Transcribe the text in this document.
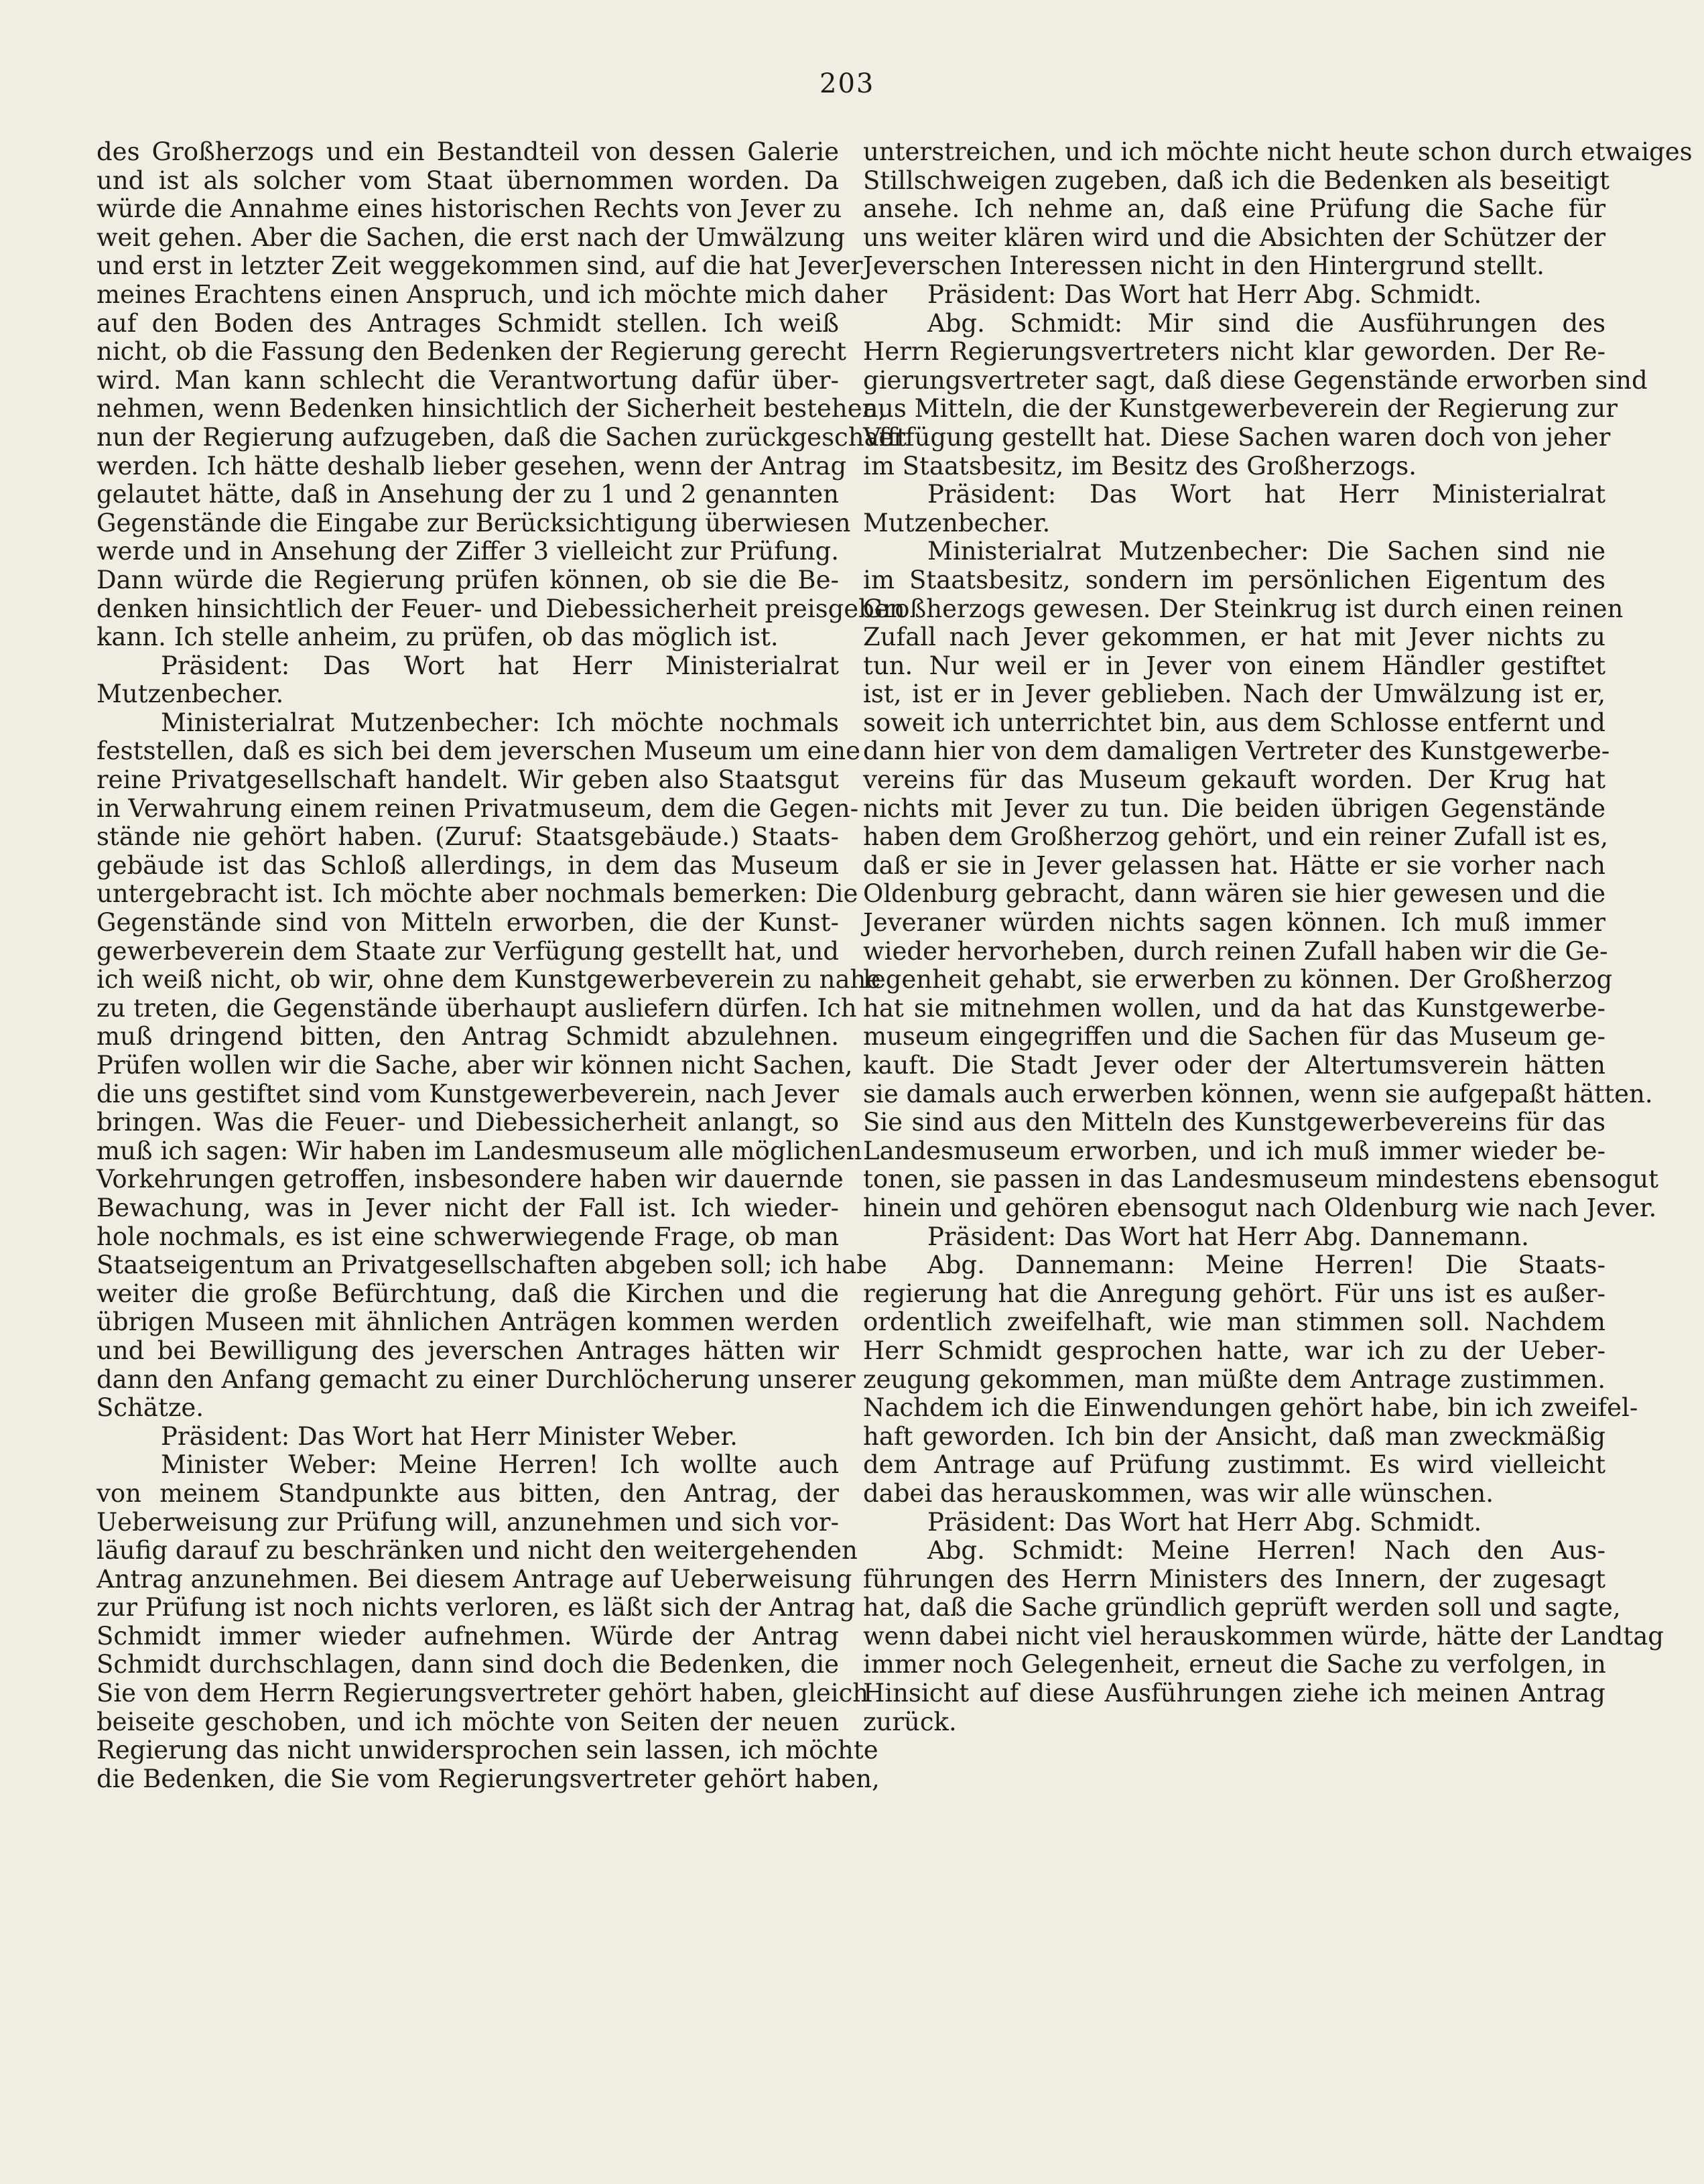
203
des Großherzogs und ein Bestandteil von dessen Galerie
und ist als solcher vom Staat übernommen worden. Da
würde die Annahme eines historischen Rechts von Jever zu
weit gehen. Aber die Sachen, die erst nach der Umwälzung
und erst in letzter Zeit weggekommen sind, auf die hat Jever
meines Erachtens einen Anspruch, und ich möchte mich daher
auf den Boden des Antrages Schmidt stellen. Ich weiß
nicht, ob die Fassung den Bedenken der Regierung gerecht
wird. Man kann schlecht die Verantwortung dafür über-
nehmen, wenn Bedenken hinsichtlich der Sicherheit bestehen,
nun der Regierung aufzugeben, daß die Sachen zurückgeschafft
werden. Ich hätte deshalb lieber gesehen, wenn der Antrag
gelautet hätte, daß in Ansehung der zu 1 und 2 genannten
Gegenstände die Eingabe zur Berücksichtigung überwiesen
werde und in Ansehung der Ziffer 3 vielleicht zur Prüfung.
Dann würde die Regierung prüfen können, ob sie die Be-
denken hinsichtlich der Feuer- und Diebessicherheit preisgeben
kann. Ich stelle anheim, zu prüfen, ob das möglich ist.
Präsident: Das Wort hat Herr Ministerialrat
Mutzenbecher.
Ministerialrat Mutzenbecher: Ich möchte nochmals
feststellen, daß es sich bei dem jeverschen Museum um eine
reine Privatgesellschaft handelt. Wir geben also Staatsgut
in Verwahrung einem reinen Privatmuseum, dem die Gegen-
stände nie gehört haben. (Zuruf: Staatsgebäude.) Staats-
gebäude ist das Schloß allerdings, in dem das Museum
untergebracht ist. Ich möchte aber nochmals bemerken: Die
Gegenstände sind von Mitteln erworben, die der Kunst-
gewerbeverein dem Staate zur Verfügung gestellt hat, und
ich weiß nicht, ob wir, ohne dem Kunstgewerbeverein zu nahe
zu treten, die Gegenstände überhaupt ausliefern dürfen. Ich
muß dringend bitten, den Antrag Schmidt abzulehnen.
Prüfen wollen wir die Sache, aber wir können nicht Sachen,
die uns gestiftet sind vom Kunstgewerbeverein, nach Jever
bringen. Was die Feuer- und Diebessicherheit anlangt, so
muß ich sagen: Wir haben im Landesmuseum alle möglichen
Vorkehrungen getroffen, insbesondere haben wir dauernde
Bewachung, was in Jever nicht der Fall ist. Ich wieder-
hole nochmals, es ist eine schwerwiegende Frage, ob man
Staatseigentum an Privatgesellschaften abgeben soll; ich habe
weiter die große Befürchtung, daß die Kirchen und die
übrigen Museen mit ähnlichen Anträgen kommen werden
und bei Bewilligung des jeverschen Antrages hätten wir
dann den Anfang gemacht zu einer Durchlöcherung unserer
Schätze.
Präsident: Das Wort hat Herr Minister Weber.
Minister Weber: Meine Herren! Ich wollte auch
von meinem Standpunkte aus bitten, den Antrag, der
Ueberweisung zur Prüfung will, anzunehmen und sich vor-
läufig darauf zu beschränken und nicht den weitergehenden
Antrag anzunehmen. Bei diesem Antrage auf Ueberweisung
zur Prüfung ist noch nichts verloren, es läßt sich der Antrag
Schmidt immer wieder aufnehmen. Würde der Antrag
Schmidt durchschlagen, dann sind doch die Bedenken, die
Sie von dem Herrn Regierungsvertreter gehört haben, gleich
beiseite geschoben, und ich möchte von Seiten der neuen
Regierung das nicht unwidersprochen sein lassen, ich möchte
die Bedenken, die Sie vom Regierungsvertreter gehört haben,
unterstreichen, und ich möchte nicht heute schon durch etwaiges
Stillschweigen zugeben, daß ich die Bedenken als beseitigt
ansehe. Ich nehme an, daß eine Prüfung die Sache für
uns weiter klären wird und die Absichten der Schützer der
Jeverschen Interessen nicht in den Hintergrund stellt.
Präsident: Das Wort hat Herr Abg. Schmidt.
Abg. Schmidt: Mir sind die Ausführungen des
Herrn Regierungsvertreters nicht klar geworden. Der Re-
gierungsvertreter sagt, daß diese Gegenstände erworben sind
aus Mitteln, die der Kunstgewerbeverein der Regierung zur
Verfügung gestellt hat. Diese Sachen waren doch von jeher
im Staatsbesitz, im Besitz des Großherzogs.
Präsident: Das Wort hat Herr Ministerialrat
Mutzenbecher.
Ministerialrat Mutzenbecher: Die Sachen sind nie
im Staatsbesitz, sondern im persönlichen Eigentum des
Großherzogs gewesen. Der Steinkrug ist durch einen reinen
Zufall nach Jever gekommen, er hat mit Jever nichts zu
tun. Nur weil er in Jever von einem Händler gestiftet
ist, ist er in Jever geblieben. Nach der Umwälzung ist er,
soweit ich unterrichtet bin, aus dem Schlosse entfernt und
dann hier von dem damaligen Vertreter des Kunstgewerbe-
vereins für das Museum gekauft worden. Der Krug hat
nichts mit Jever zu tun. Die beiden übrigen Gegenstände
haben dem Großherzog gehört, und ein reiner Zufall ist es,
daß er sie in Jever gelassen hat. Hätte er sie vorher nach
Oldenburg gebracht, dann wären sie hier gewesen und die
Jeveraner würden nichts sagen können. Ich muß immer
wieder hervorheben, durch reinen Zufall haben wir die Ge-
legenheit gehabt, sie erwerben zu können. Der Großherzog
hat sie mitnehmen wollen, und da hat das Kunstgewerbe-
museum eingegriffen und die Sachen für das Museum ge-
kauft. Die Stadt Jever oder der Altertumsverein hätten
sie damals auch erwerben können, wenn sie aufgepaßt hätten.
Sie sind aus den Mitteln des Kunstgewerbevereins für das
Landesmuseum erworben, und ich muß immer wieder be-
tonen, sie passen in das Landesmuseum mindestens ebensogut
hinein und gehören ebensogut nach Oldenburg wie nach Jever.
Präsident: Das Wort hat Herr Abg. Dannemann.
Abg. Dannemann: Meine Herren! Die Staats-
regierung hat die Anregung gehört. Für uns ist es außer-
ordentlich zweifelhaft, wie man stimmen soll. Nachdem
Herr Schmidt gesprochen hatte, war ich zu der Ueber-
zeugung gekommen, man müßte dem Antrage zustimmen.
Nachdem ich die Einwendungen gehört habe, bin ich zweifel-
haft geworden. Ich bin der Ansicht, daß man zweckmäßig
dem Antrage auf Prüfung zustimmt. Es wird vielleicht
dabei das herauskommen, was wir alle wünschen.
Präsident: Das Wort hat Herr Abg. Schmidt.
Abg. Schmidt: Meine Herren! Nach den Aus-
führungen des Herrn Ministers des Innern, der zugesagt
hat, daß die Sache gründlich geprüft werden soll und sagte,
wenn dabei nicht viel herauskommen würde, hätte der Landtag
immer noch Gelegenheit, erneut die Sache zu verfolgen, in
Hinsicht auf diese Ausführungen ziehe ich meinen Antrag
zurück.
